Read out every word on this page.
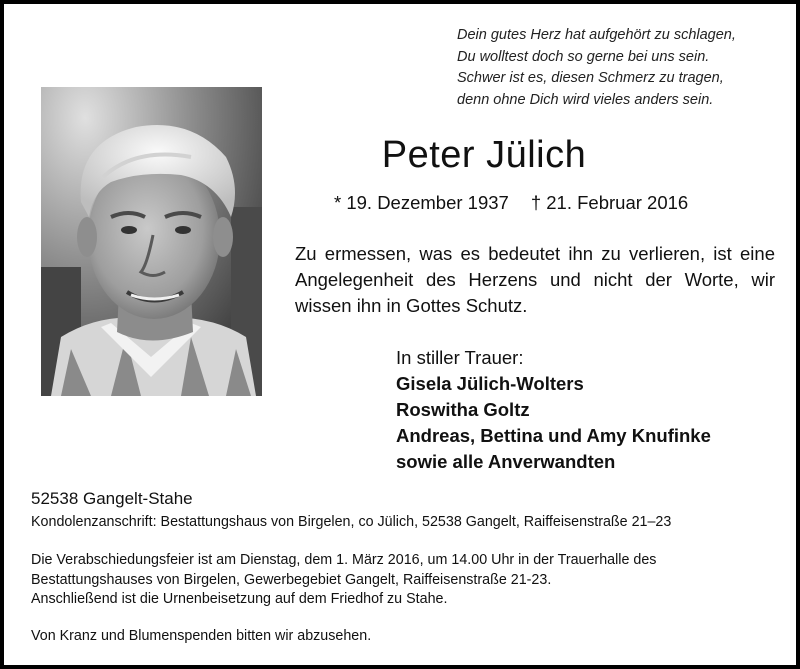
Dein gutes Herz hat aufgehört zu schlagen,
Du wolltest doch so gerne bei uns sein.
Schwer ist es, diesen Schmerz zu tragen,
denn ohne Dich wird vieles anders sein.
Peter Jülich
* 19. Dezember 1937 † 21. Februar 2016
Zu ermessen, was es bedeutet ihn zu verlieren, ist eine Angelegenheit des Herzens und nicht der Worte, wir wissen ihn in Gottes Schutz.
In stiller Trauer:
Gisela Jülich-Wolters
Roswitha Goltz
Andreas, Bettina und Amy Knufinke
sowie alle Anverwandten
52538 Gangelt-Stahe
Kondolenzanschrift: Bestattungshaus von Birgelen, co Jülich, 52538 Gangelt, Raiffeisenstraße 21–23
Die Verabschiedungsfeier ist am Dienstag, dem 1. März 2016, um 14.00 Uhr in der Trauerhalle des
Bestattungshauses von Birgelen, Gewerbegebiet Gangelt, Raiffeisenstraße 21-23.
Anschließend ist die Urnenbeisetzung auf dem Friedhof zu Stahe.
Von Kranz und Blumenspenden bitten wir abzusehen.
